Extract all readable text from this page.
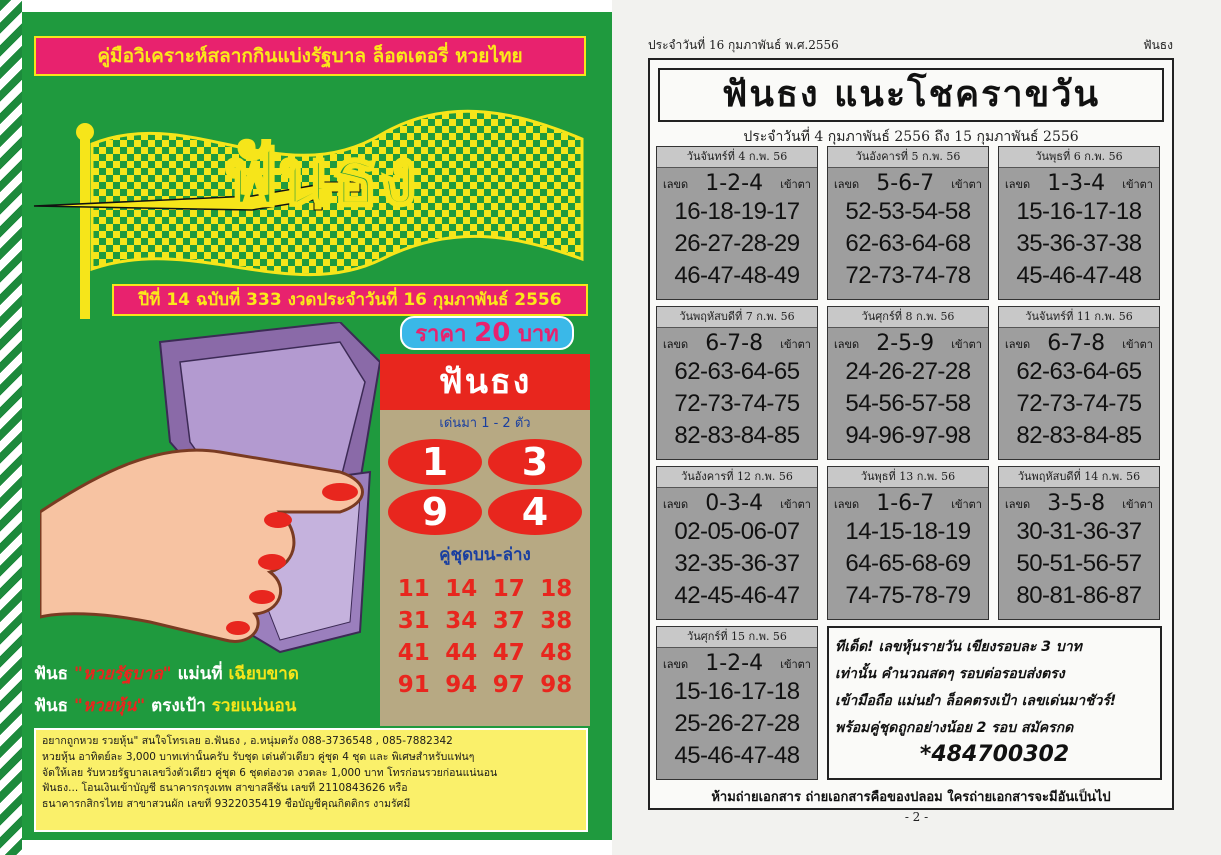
คู่มือวิเคราะห์สลากกินแบ่งรัฐบาล ล็อตเตอรี่ หวยไทย
ฟันธง
ปีที่ 14 ฉบับที่ 333 งวดประจำวันที่ 16 กุมภาพันธ์ 2556
ราคา 20 บาท
ฟันธง
เด่นมา 1 - 2 ตัว
1	3
9	4
คู่ชุดบน-ล่าง
11 14 17 18
31 34 37 38
41 44 47 48
91 94 97 98
ฟันธ "หวยรัฐบาล" แม่นที่ เฉียบขาด
ฟันธ "หวยหุ้น" ตรงเป้า รวยแน่นอน
อยากถูกหวย รวยหุ้น" สนใจโทรเลย อ.ฟันธง , อ.หนุ่มตรัง 088-3736548 , 085-7882342
หวยหุ้น อาทิตย์ละ 3,000 บาทเท่านั้นครับ รับชุด เด่นตัวเดียว คู่ชุด 4 ชุด และ พิเศษสำหรับแฟนๆ
จัดให้เลย รับหวยรัฐบาลเลขวิ่งตัวเดียว คู่ชุด 6 ชุดต่องวด งวดละ 1,000 บาท โทรก่อนรวยก่อนแน่นอน
ฟันธง... โอนเงินเข้าบัญชี ธนาคารกรุงเทพ สาขาสลีซัน เลขที่ 2110843626 หรือ
ธนาคารกสิกรไทย สาขาสวนผัก เลขที่ 9322035419 ชื่อบัญชีคุณกิตติกร งามรัศมี
ประจำวันที่ 16 กุมภาพันธ์ พ.ศ.2556	ฟันธง
ฟันธง แนะโชคราขวัน
ประจำวันที่ 4 กุมภาพันธ์ 2556 ถึง 15 กุมภาพันธ์ 2556
วันจันทร์ที่ 4 ก.พ. 56
เลขด 1-2-4 เข้าตา
16-18-19-17
26-27-28-29
46-47-48-49
วันอังคารที่ 5 ก.พ. 56
เลขด 5-6-7 เข้าตา
52-53-54-58
62-63-64-68
72-73-74-78
วันพุธที่ 6 ก.พ. 56
เลขด 1-3-4 เข้าตา
15-16-17-18
35-36-37-38
45-46-47-48
วันพฤหัสบดีที่ 7 ก.พ. 56
เลขด 6-7-8 เข้าตา
62-63-64-65
72-73-74-75
82-83-84-85
วันศุกร์ที่ 8 ก.พ. 56
เลขด 2-5-9 เข้าตา
24-26-27-28
54-56-57-58
94-96-97-98
วันจันทร์ที่ 11 ก.พ. 56
เลขด 6-7-8 เข้าตา
62-63-64-65
72-73-74-75
82-83-84-85
วันอังคารที่ 12 ก.พ. 56
เลขด 0-3-4 เข้าตา
02-05-06-07
32-35-36-37
42-45-46-47
วันพุธที่ 13 ก.พ. 56
เลขด 1-6-7 เข้าตา
14-15-18-19
64-65-68-69
74-75-78-79
วันพฤหัสบดีที่ 14 ก.พ. 56
เลขด 3-5-8 เข้าตา
30-31-36-37
50-51-56-57
80-81-86-87
วันศุกร์ที่ 15 ก.พ. 56
เลขด 1-2-4 เข้าตา
15-16-17-18
25-26-27-28
45-46-47-48
ทีเด็ด! เลขหุ้นรายวัน เขียงรอบละ 3 บาท
เท่านั้น คำนวณสดๆ รอบต่อรอบส่งตรง
เข้ามือถือ แม่นยำ ล็อคตรงเป้า เลขเด่นมาชัวร์!
พร้อมคู่ชุดถูกอย่างน้อย 2 รอบ สมัครกด
*484700302
ห้ามถ่ายเอกสาร ถ่ายเอกสารคือของปลอม ใครถ่ายเอกสารจะมีอันเป็นไป
- 2 -
